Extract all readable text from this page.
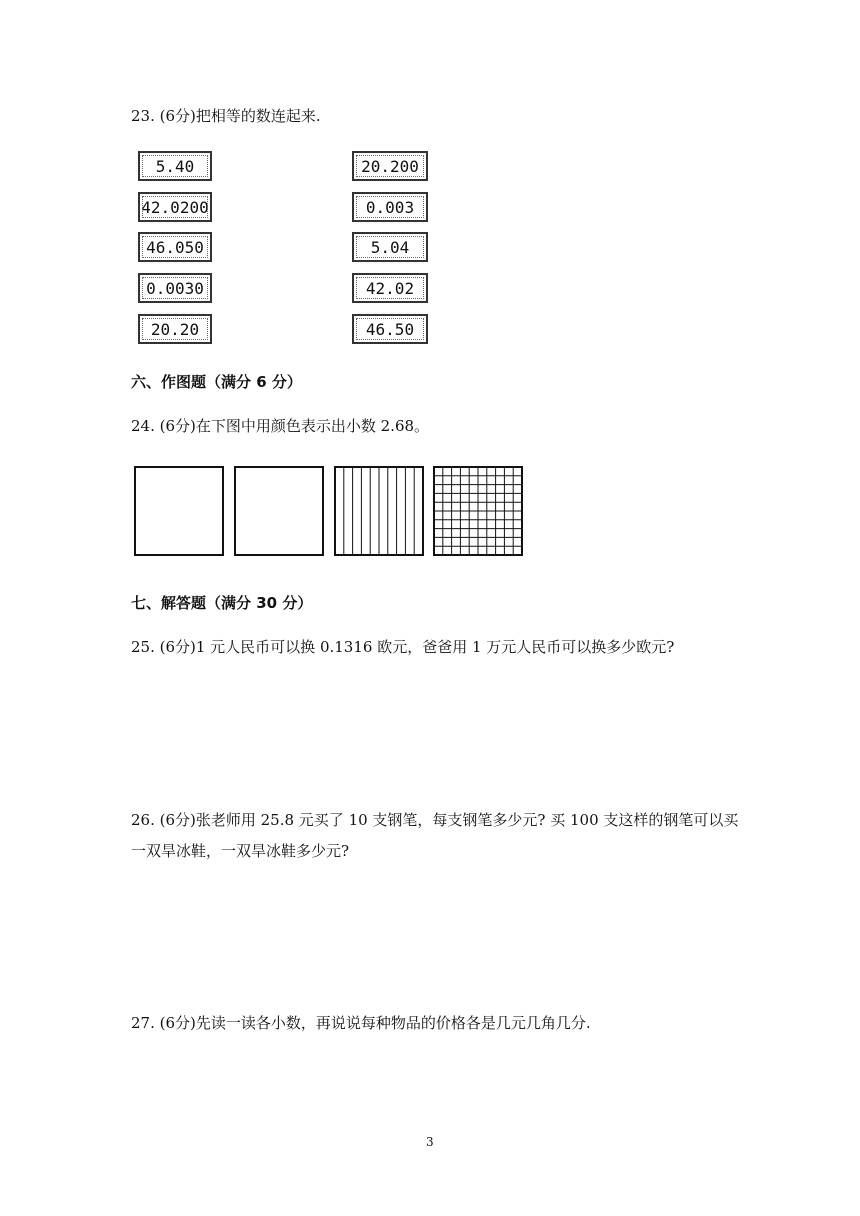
23. (6分)把相等的数连起来.
5.40
42.0200
46.050
0.0030
20.20
20.200
0.003
5.04
42.02
46.50
六、作图题（满分 6 分）
24. (6分)在下图中用颜色表示出小数 2.68。
七、解答题（满分 30 分）
25. (6分)1 元人民币可以换 0.1316 欧元，爸爸用 1 万元人民币可以换多少欧元?
26. (6分)张老师用 25.8 元买了 10 支钢笔，每支钢笔多少元? 买 100 支这样的钢笔可以买
一双旱冰鞋，一双旱冰鞋多少元?
27. (6分)先读一读各小数，再说说每种物品的价格各是几元几角几分.
3
